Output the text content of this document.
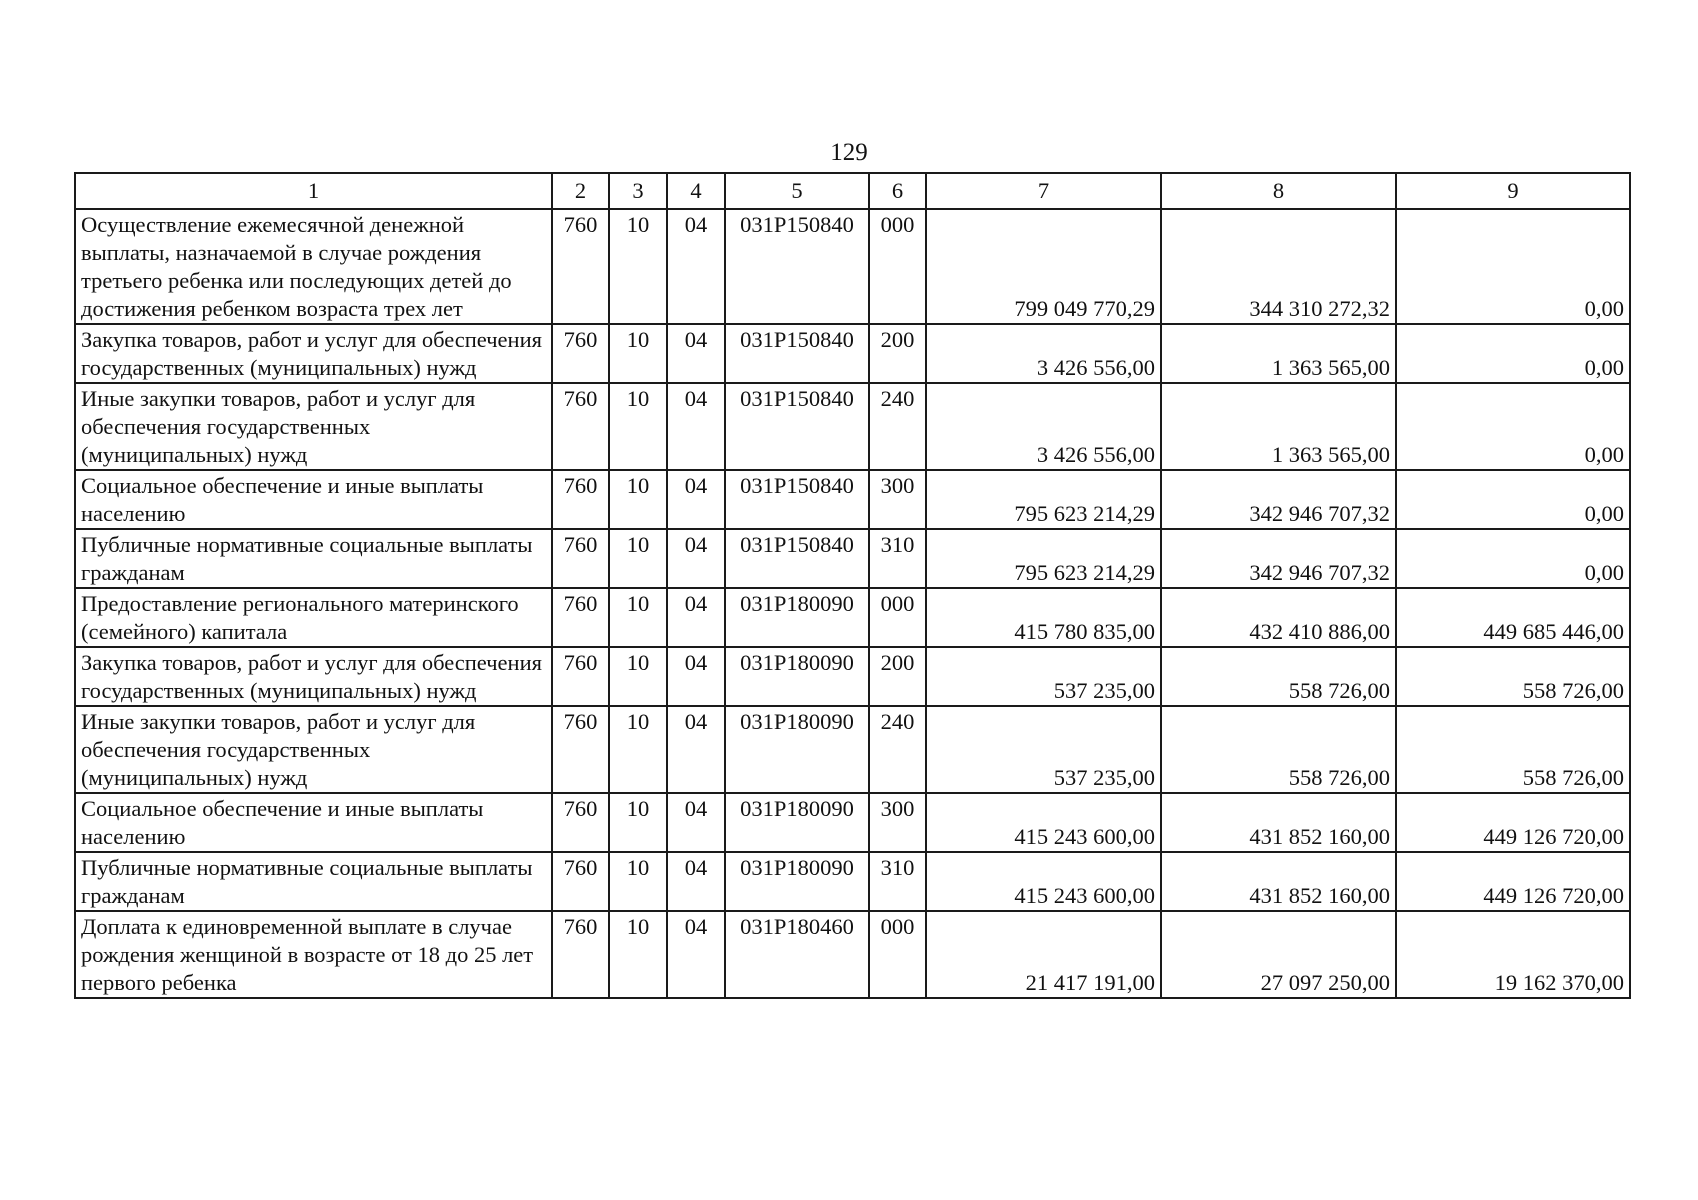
129
1	2	3	4	5	6	7	8	9
Осуществление ежемесячной денежной выплаты, назначаемой в случае рождения третьего ребенка или последующих детей до достижения ребенком возраста трех лет	760	10	04	031Р150840	000	799 049 770,29	344 310 272,32	0,00
Закупка товаров, работ и услуг для обеспечения государственных (муниципальных) нужд	760	10	04	031Р150840	200	3 426 556,00	1 363 565,00	0,00
Иные закупки товаров, работ и услуг для обеспечения государственных (муниципальных) нужд	760	10	04	031Р150840	240	3 426 556,00	1 363 565,00	0,00
Социальное обеспечение и иные выплаты населению	760	10	04	031Р150840	300	795 623 214,29	342 946 707,32	0,00
Публичные нормативные социальные выплаты гражданам	760	10	04	031Р150840	310	795 623 214,29	342 946 707,32	0,00
Предоставление регионального материнского (семейного) капитала	760	10	04	031Р180090	000	415 780 835,00	432 410 886,00	449 685 446,00
Закупка товаров, работ и услуг для обеспечения государственных (муниципальных) нужд	760	10	04	031Р180090	200	537 235,00	558 726,00	558 726,00
Иные закупки товаров, работ и услуг для обеспечения государственных (муниципальных) нужд	760	10	04	031Р180090	240	537 235,00	558 726,00	558 726,00
Социальное обеспечение и иные выплаты населению	760	10	04	031Р180090	300	415 243 600,00	431 852 160,00	449 126 720,00
Публичные нормативные социальные выплаты гражданам	760	10	04	031Р180090	310	415 243 600,00	431 852 160,00	449 126 720,00
Доплата к единовременной выплате в случае рождения женщиной в возрасте от 18 до 25 лет первого ребенка	760	10	04	031Р180460	000	21 417 191,00	27 097 250,00	19 162 370,00
